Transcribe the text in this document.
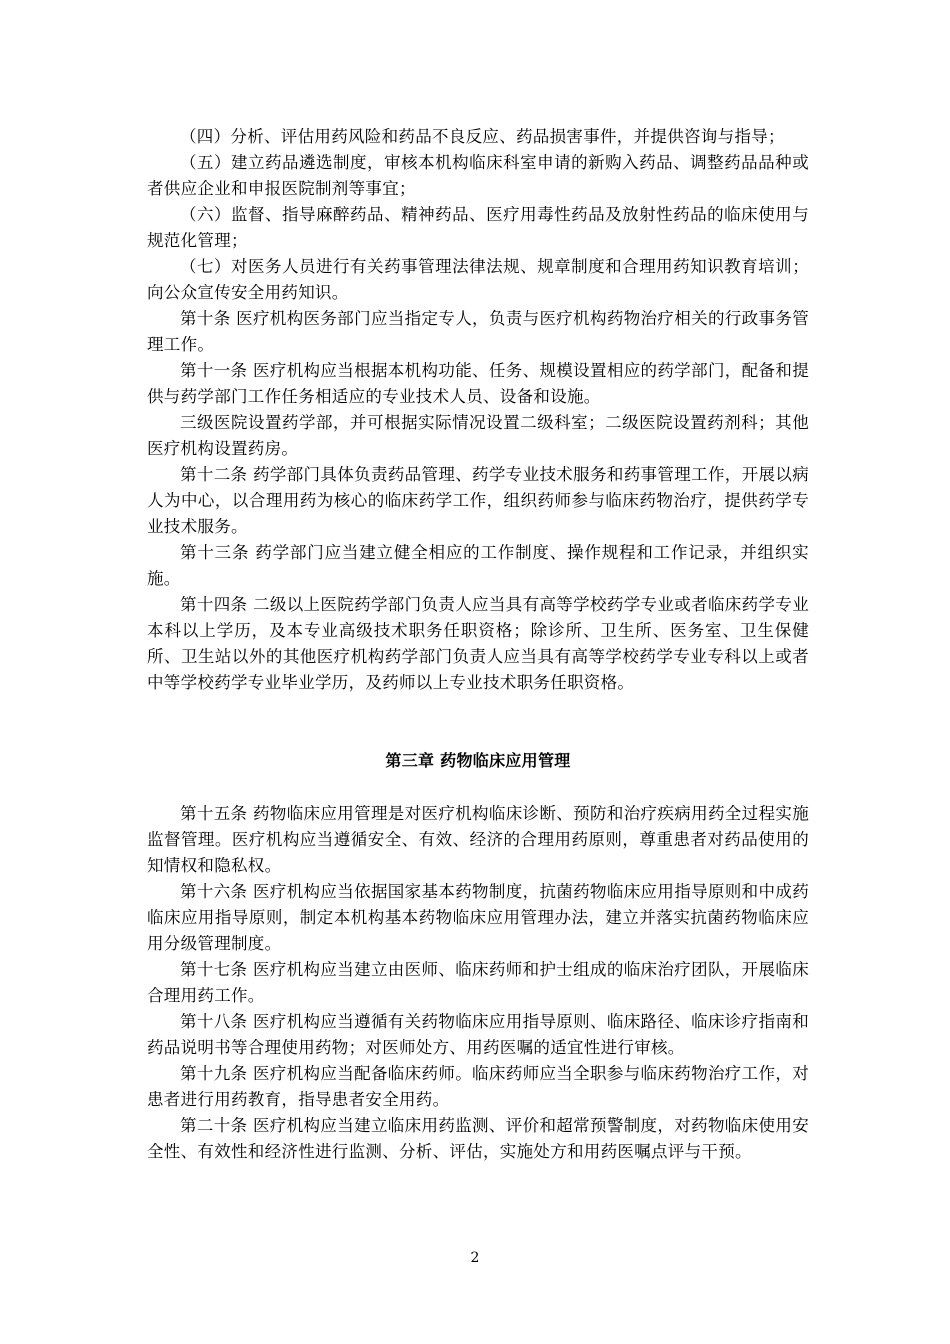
（四）分析、评估用药风险和药品不良反应、药品损害事件，并提供咨询与指导；

（五）建立药品遴选制度，审核本机构临床科室申请的新购入药品、调整药品品种或者供应企业和申报医院制剂等事宜；

（六）监督、指导麻醉药品、精神药品、医疗用毒性药品及放射性药品的临床使用与规范化管理；

（七）对医务人员进行有关药事管理法律法规、规章制度和合理用药知识教育培训；向公众宣传安全用药知识。

第十条 医疗机构医务部门应当指定专人，负责与医疗机构药物治疗相关的行政事务管理工作。

第十一条 医疗机构应当根据本机构功能、任务、规模设置相应的药学部门，配备和提供与药学部门工作任务相适应的专业技术人员、设备和设施。

三级医院设置药学部，并可根据实际情况设置二级科室；二级医院设置药剂科；其他医疗机构设置药房。

第十二条 药学部门具体负责药品管理、药学专业技术服务和药事管理工作，开展以病人为中心，以合理用药为核心的临床药学工作，组织药师参与临床药物治疗，提供药学专业技术服务。

第十三条 药学部门应当建立健全相应的工作制度、操作规程和工作记录，并组织实施。

第十四条 二级以上医院药学部门负责人应当具有高等学校药学专业或者临床药学专业本科以上学历，及本专业高级技术职务任职资格；除诊所、卫生所、医务室、卫生保健所、卫生站以外的其他医疗机构药学部门负责人应当具有高等学校药学专业专科以上或者中等学校药学专业毕业学历，及药师以上专业技术职务任职资格。

第三章 药物临床应用管理

第十五条 药物临床应用管理是对医疗机构临床诊断、预防和治疗疾病用药全过程实施监督管理。医疗机构应当遵循安全、有效、经济的合理用药原则，尊重患者对药品使用的知情权和隐私权。

第十六条 医疗机构应当依据国家基本药物制度，抗菌药物临床应用指导原则和中成药临床应用指导原则，制定本机构基本药物临床应用管理办法，建立并落实抗菌药物临床应用分级管理制度。

第十七条 医疗机构应当建立由医师、临床药师和护士组成的临床治疗团队，开展临床合理用药工作。

第十八条 医疗机构应当遵循有关药物临床应用指导原则、临床路径、临床诊疗指南和药品说明书等合理使用药物；对医师处方、用药医嘱的适宜性进行审核。

第十九条 医疗机构应当配备临床药师。临床药师应当全职参与临床药物治疗工作，对患者进行用药教育，指导患者安全用药。

第二十条 医疗机构应当建立临床用药监测、评价和超常预警制度，对药物临床使用安全性、有效性和经济性进行监测、分析、评估，实施处方和用药医嘱点评与干预。

2
